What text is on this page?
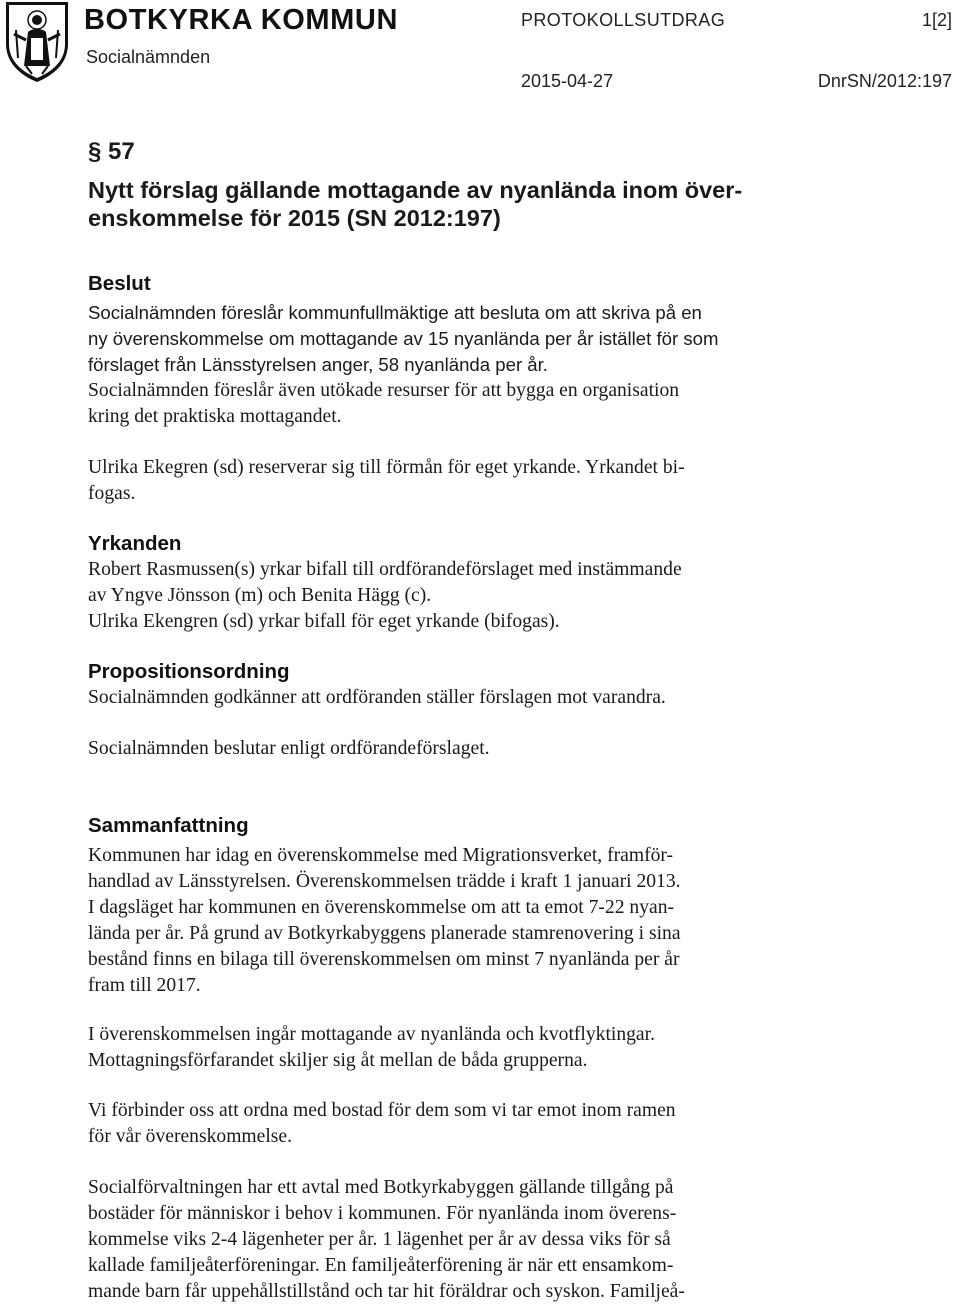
BOTKYRKA KOMMUN
Socialnämnden
PROTOKOLLSUTDRAG	1[2]
2015-04-27	DnrSN/2012:197
§ 57
Nytt förslag gällande mottagande av nyanlända inom över-
enskommelse för 2015 (SN 2012:197)
Beslut

Socialnämnden föreslår kommunfullmäktige att besluta om att skriva på en
ny överenskommelse om mottagande av 15 nyanlända per år istället för som
förslaget från Länsstyrelsen anger, 58 nyanlända per år.

Socialnämnden föreslår även utökade resurser för att bygga en organisation
kring det praktiska mottagandet.

Ulrika Ekegren (sd) reserverar sig till förmån för eget yrkande. Yrkandet bi-
fogas.

Yrkanden

Robert Rasmussen(s) yrkar bifall till ordförandeförslaget med instämmande
av Yngve Jönsson (m) och Benita Hägg (c).
Ulrika Ekengren (sd) yrkar bifall för eget yrkande (bifogas).

Propositionsordning

Socialnämnden godkänner att ordföranden ställer förslagen mot varandra.

Socialnämnden beslutar enligt ordförandeförslaget.

Sammanfattning

Kommunen har idag en överenskommelse med Migrationsverket, framför-
handlad av Länsstyrelsen. Överenskommelsen trädde i kraft 1 januari 2013.
I dagsläget har kommunen en överenskommelse om att ta emot 7-22 nyan-
lända per år. På grund av Botkyrkabyggens planerade stamrenovering i sina
bestånd finns en bilaga till överenskommelsen om minst 7 nyanlända per år
fram till 2017.

I överenskommelsen ingår mottagande av nyanlända och kvotflyktingar.
Mottagningsförfarandet skiljer sig åt mellan de båda grupperna.

Vi förbinder oss att ordna med bostad för dem som vi tar emot inom ramen
för vår överenskommelse.

Socialförvaltningen har ett avtal med Botkyrkabyggen gällande tillgång på
bostäder för människor i behov i kommunen. För nyanlända inom överens-
kommelse viks 2-4 lägenheter per år. 1 lägenhet per år av dessa viks för så
kallade familjeåterföreningar. En familjeåterförening är när ett ensamkom-
mande barn får uppehållstillstånd och tar hit föräldrar och syskon. Familjeå-
